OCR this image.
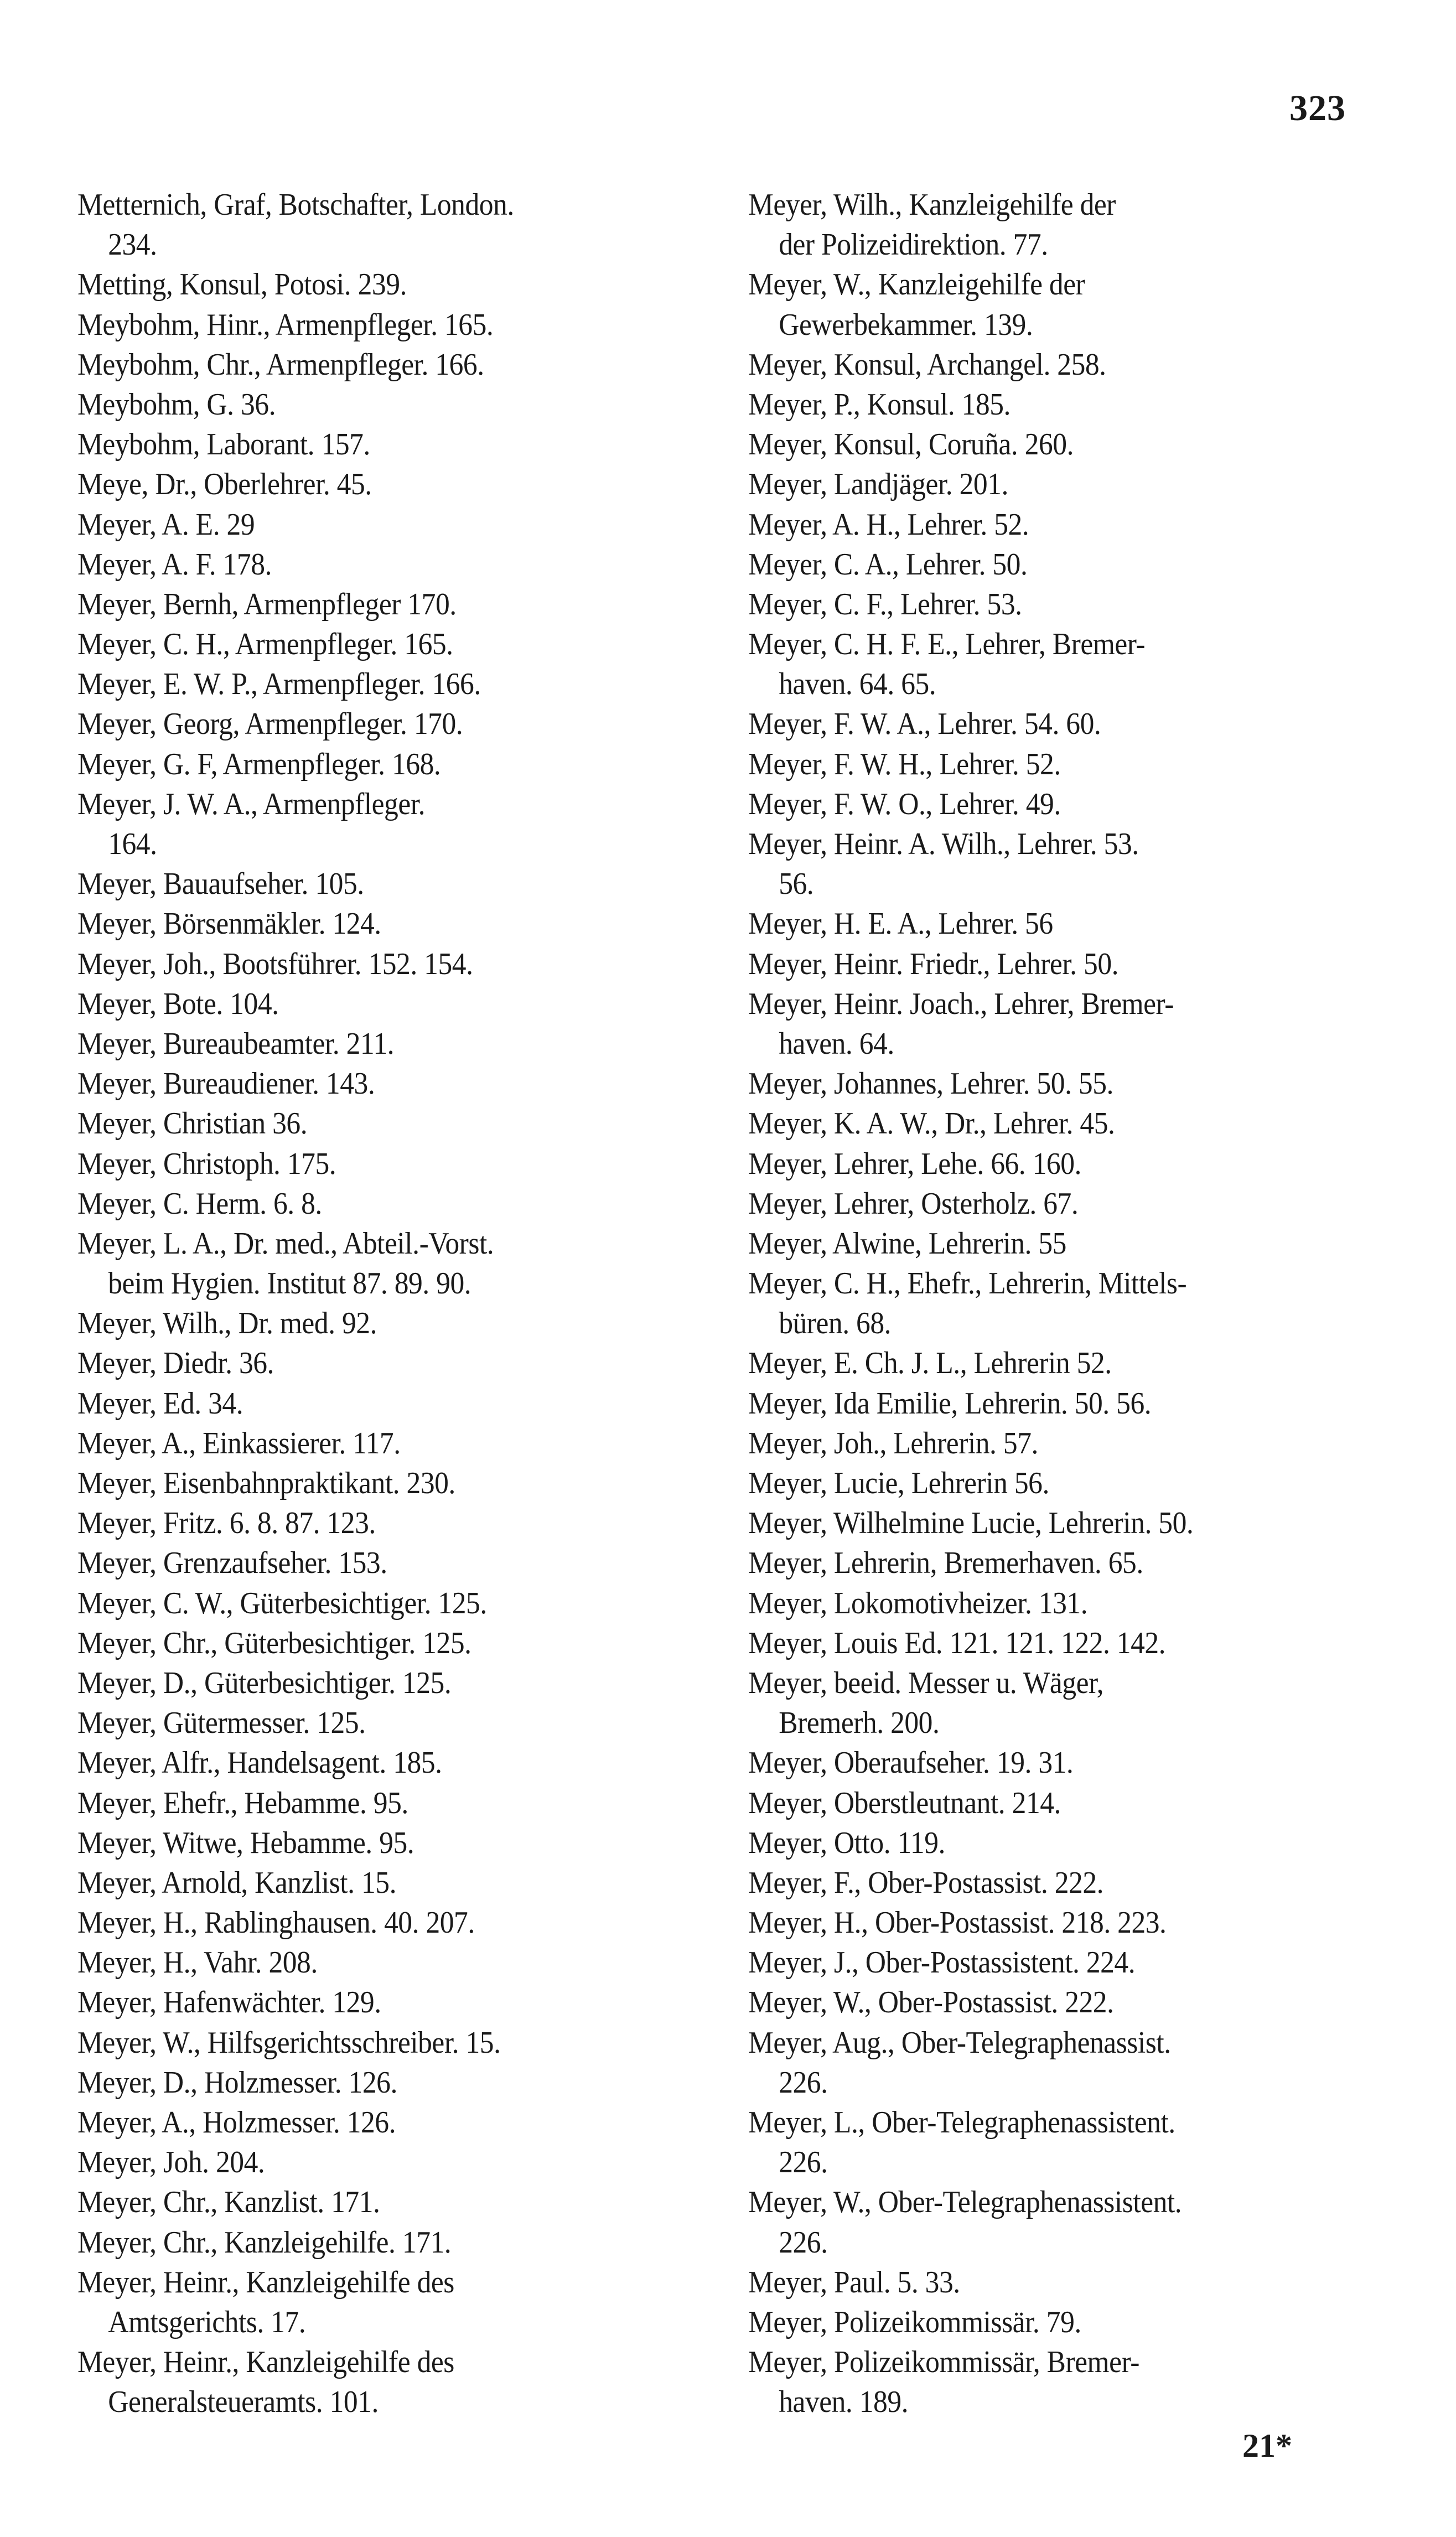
323
Metternich, Graf, Botschafter, London.
234.
Metting, Konsul, Potosi. 239.
Meybohm, Hinr., Armenpfleger. 165.
Meybohm, Chr., Armenpfleger. 166.
Meybohm, G. 36.
Meybohm, Laborant. 157.
Meye, Dr., Oberlehrer. 45.
Meyer, A. E. 29
Meyer, A. F. 178.
Meyer, Bernh, Armenpfleger 170.
Meyer, C. H., Armenpfleger. 165.
Meyer, E. W. P., Armenpfleger. 166.
Meyer, Georg, Armenpfleger. 170.
Meyer, G. F, Armenpfleger. 168.
Meyer, J. W. A., Armenpfleger.
164.
Meyer, Bauaufseher. 105.
Meyer, Börsenmäkler. 124.
Meyer, Joh., Bootsführer. 152. 154.
Meyer, Bote. 104.
Meyer, Bureaubeamter. 211.
Meyer, Bureaudiener. 143.
Meyer, Christian 36.
Meyer, Christoph. 175.
Meyer, C. Herm. 6. 8.
Meyer, L. A., Dr. med., Abteil.-Vorst.
beim Hygien. Institut 87. 89. 90.
Meyer, Wilh., Dr. med. 92.
Meyer, Diedr. 36.
Meyer, Ed. 34.
Meyer, A., Einkassierer. 117.
Meyer, Eisenbahnpraktikant. 230.
Meyer, Fritz. 6. 8. 87. 123.
Meyer, Grenzaufseher. 153.
Meyer, C. W., Güterbesichtiger. 125.
Meyer, Chr., Güterbesichtiger. 125.
Meyer, D., Güterbesichtiger. 125.
Meyer, Gütermesser. 125.
Meyer, Alfr., Handelsagent. 185.
Meyer, Ehefr., Hebamme. 95.
Meyer, Witwe, Hebamme. 95.
Meyer, Arnold, Kanzlist. 15.
Meyer, H., Rablinghausen. 40. 207.
Meyer, H., Vahr. 208.
Meyer, Hafenwächter. 129.
Meyer, W., Hilfsgerichtsschreiber. 15.
Meyer, D., Holzmesser. 126.
Meyer, A., Holzmesser. 126.
Meyer, Joh. 204.
Meyer, Chr., Kanzlist. 171.
Meyer, Chr., Kanzleigehilfe. 171.
Meyer, Heinr., Kanzleigehilfe des
Amtsgerichts. 17.
Meyer, Heinr., Kanzleigehilfe des
Generalsteueramts. 101.
Meyer, Wilh., Kanzleigehilfe der
der Polizeidirektion. 77.
Meyer, W., Kanzleigehilfe der
Gewerbekammer. 139.
Meyer, Konsul, Archangel. 258.
Meyer, P., Konsul. 185.
Meyer, Konsul, Coruña. 260.
Meyer, Landjäger. 201.
Meyer, A. H., Lehrer. 52.
Meyer, C. A., Lehrer. 50.
Meyer, C. F., Lehrer. 53.
Meyer, C. H. F. E., Lehrer, Bremer-
haven. 64. 65.
Meyer, F. W. A., Lehrer. 54. 60.
Meyer, F. W. H., Lehrer. 52.
Meyer, F. W. O., Lehrer. 49.
Meyer, Heinr. A. Wilh., Lehrer. 53.
56.
Meyer, H. E. A., Lehrer. 56
Meyer, Heinr. Friedr., Lehrer. 50.
Meyer, Heinr. Joach., Lehrer, Bremer-
haven. 64.
Meyer, Johannes, Lehrer. 50. 55.
Meyer, K. A. W., Dr., Lehrer. 45.
Meyer, Lehrer, Lehe. 66. 160.
Meyer, Lehrer, Osterholz. 67.
Meyer, Alwine, Lehrerin. 55
Meyer, C. H., Ehefr., Lehrerin, Mittels-
büren. 68.
Meyer, E. Ch. J. L., Lehrerin 52.
Meyer, Ida Emilie, Lehrerin. 50. 56.
Meyer, Joh., Lehrerin. 57.
Meyer, Lucie, Lehrerin 56.
Meyer, Wilhelmine Lucie, Lehrerin. 50.
Meyer, Lehrerin, Bremerhaven. 65.
Meyer, Lokomotivheizer. 131.
Meyer, Louis Ed. 121. 121. 122. 142.
Meyer, beeid. Messer u. Wäger,
Bremerh. 200.
Meyer, Oberaufseher. 19. 31.
Meyer, Oberstleutnant. 214.
Meyer, Otto. 119.
Meyer, F., Ober-Postassist. 222.
Meyer, H., Ober-Postassist. 218. 223.
Meyer, J., Ober-Postassistent. 224.
Meyer, W., Ober-Postassist. 222.
Meyer, Aug., Ober-Telegraphenassist.
226.
Meyer, L., Ober-Telegraphenassistent.
226.
Meyer, W., Ober-Telegraphenassistent.
226.
Meyer, Paul. 5. 33.
Meyer, Polizeikommissär. 79.
Meyer, Polizeikommissär, Bremer-
haven. 189.
21*
